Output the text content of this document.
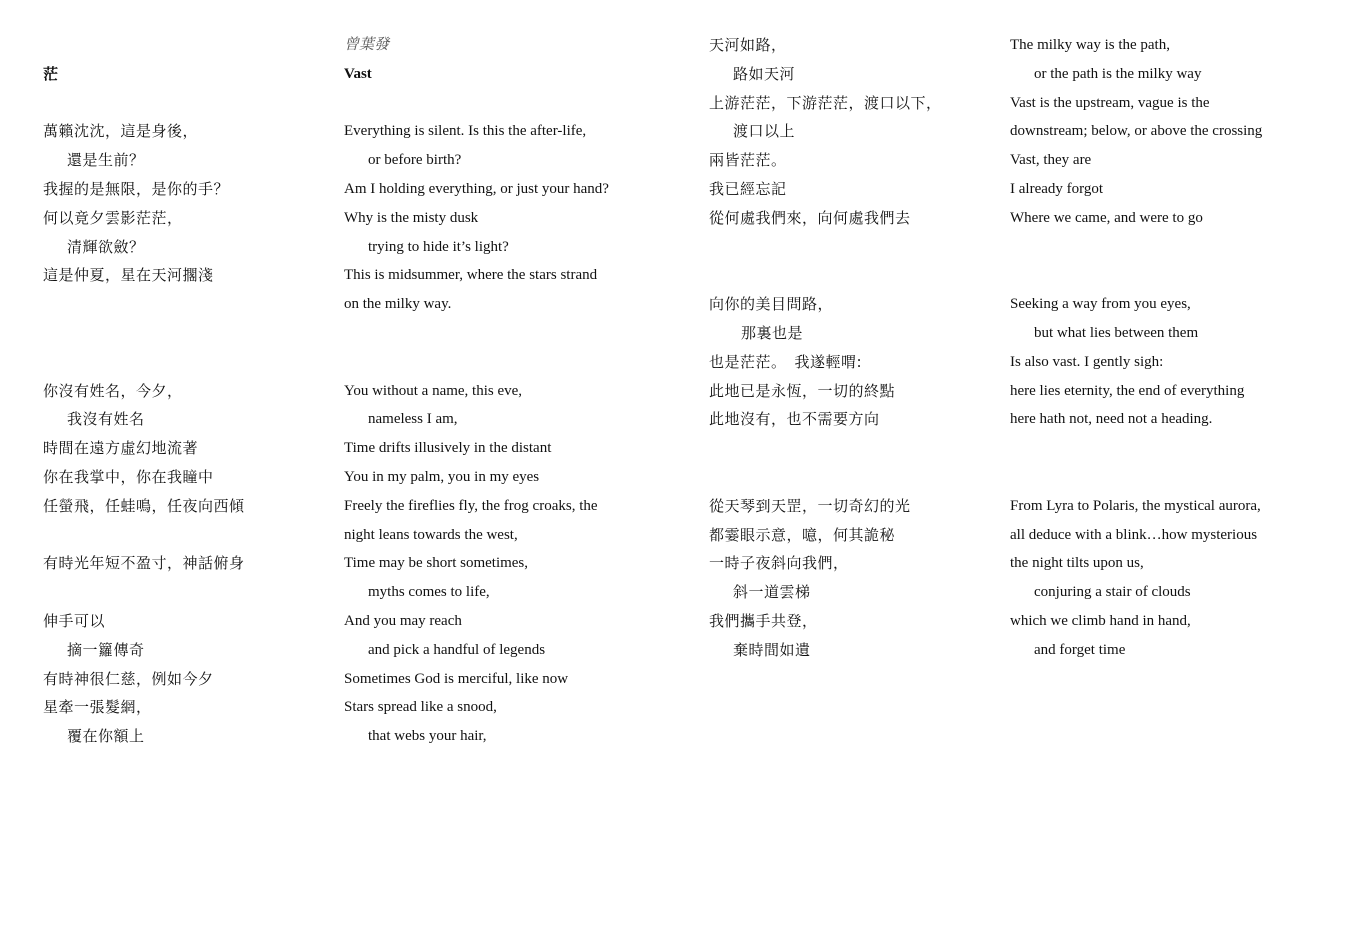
茫
萬籟沈沈，這是身後，
還是生前？
我握的是無限，是你的手？
何以竟夕雲影茫茫，
清輝欲斂？
這是仲夏，星在天河擱淺
你沒有姓名，今夕，
我沒有姓名
時間在遠方虛幻地流著
你在我掌中，你在我瞳中
任螢飛，任蛙鳴，任夜向西傾
有時光年短不盈寸，神話俯身
伸手可以
摘一籮傳奇
有時神很仁慈，例如今夕
星牽一張髮網，
覆在你額上
曾葉發
Vast
Everything is silent. Is this the after-life,
or before birth?
Am I holding everything, or just your hand?
Why is the misty dusk
trying to hide it’s light?
This is midsummer, where the stars strand
on the milky way.
You without a name, this eve,
nameless I am,
Time drifts illusively in the distant
You in my palm, you in my eyes
Freely the fireflies fly, the frog croaks, the
night leans towards the west,
Time may be short sometimes,
myths comes to life,
And you may reach
and pick a handful of legends
Sometimes God is merciful, like now
Stars spread like a snood,
that webs your hair,
天河如路，
路如天河
上游茫茫，下游茫茫，渡口以下，
渡口以上
兩皆茫茫。
我已經忘記
從何處我們來，向何處我們去
向你的美目問路，
那裏也是
也是茫茫。　我遂輕喟:
此地已是永恆，一切的終點
此地沒有，也不需要方向
從天琴到天罡，一切奇幻的光
都霎眼示意，噫，何其詭秘
一時子夜斜向我們，
斜一道雲梯
我們攜手共登，
棄時間如遺
The milky way is the path,
or the path is the milky way
Vast is the upstream, vague is the
downstream; below, or above the crossing
Vast, they are
I already forgot
Where we came, and were to go
Seeking a way from you eyes,
but what lies between them
Is also vast. I gently sigh:
here lies eternity, the end of everything
here hath not, need not a heading.
From Lyra to Polaris, the mystical aurora,
all deduce with a blink…how mysterious
the night tilts upon us,
conjuring a stair of clouds
which we climb hand in hand,
and forget time
